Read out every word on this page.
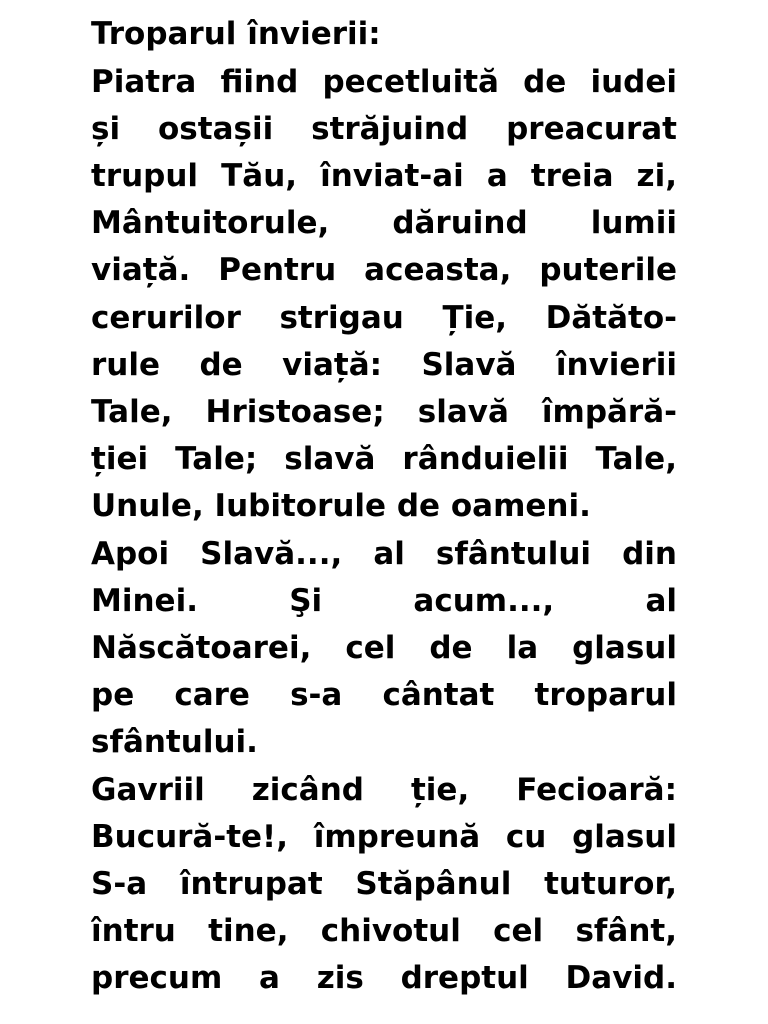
Troparul învierii:

Piatra fiind pecetluită de iudei

și ostașii străjuind preacurat

trupul Tău, înviat-ai a treia zi,

Mântuitorule, dăruind lumii

viață. Pentru aceasta, puterile

cerurilor strigau Ție, Dătăto-

rule de viață: Slavă învierii

Tale, Hristoase; slavă împără-

ției Tale; slavă rânduielii Tale,

Unule, Iubitorule de oameni.

Apoi Slavă..., al sfântului din

Minei. Şi acum..., al

Născătoarei, cel de la glasul

pe care s-a cântat troparul

sfântului.

Gavriil zicând ție, Fecioară:

Bucură-te!, împreună cu glasul

S-a întrupat Stăpânul tuturor,

întru tine, chivotul cel sfânt,

precum a zis dreptul David.
